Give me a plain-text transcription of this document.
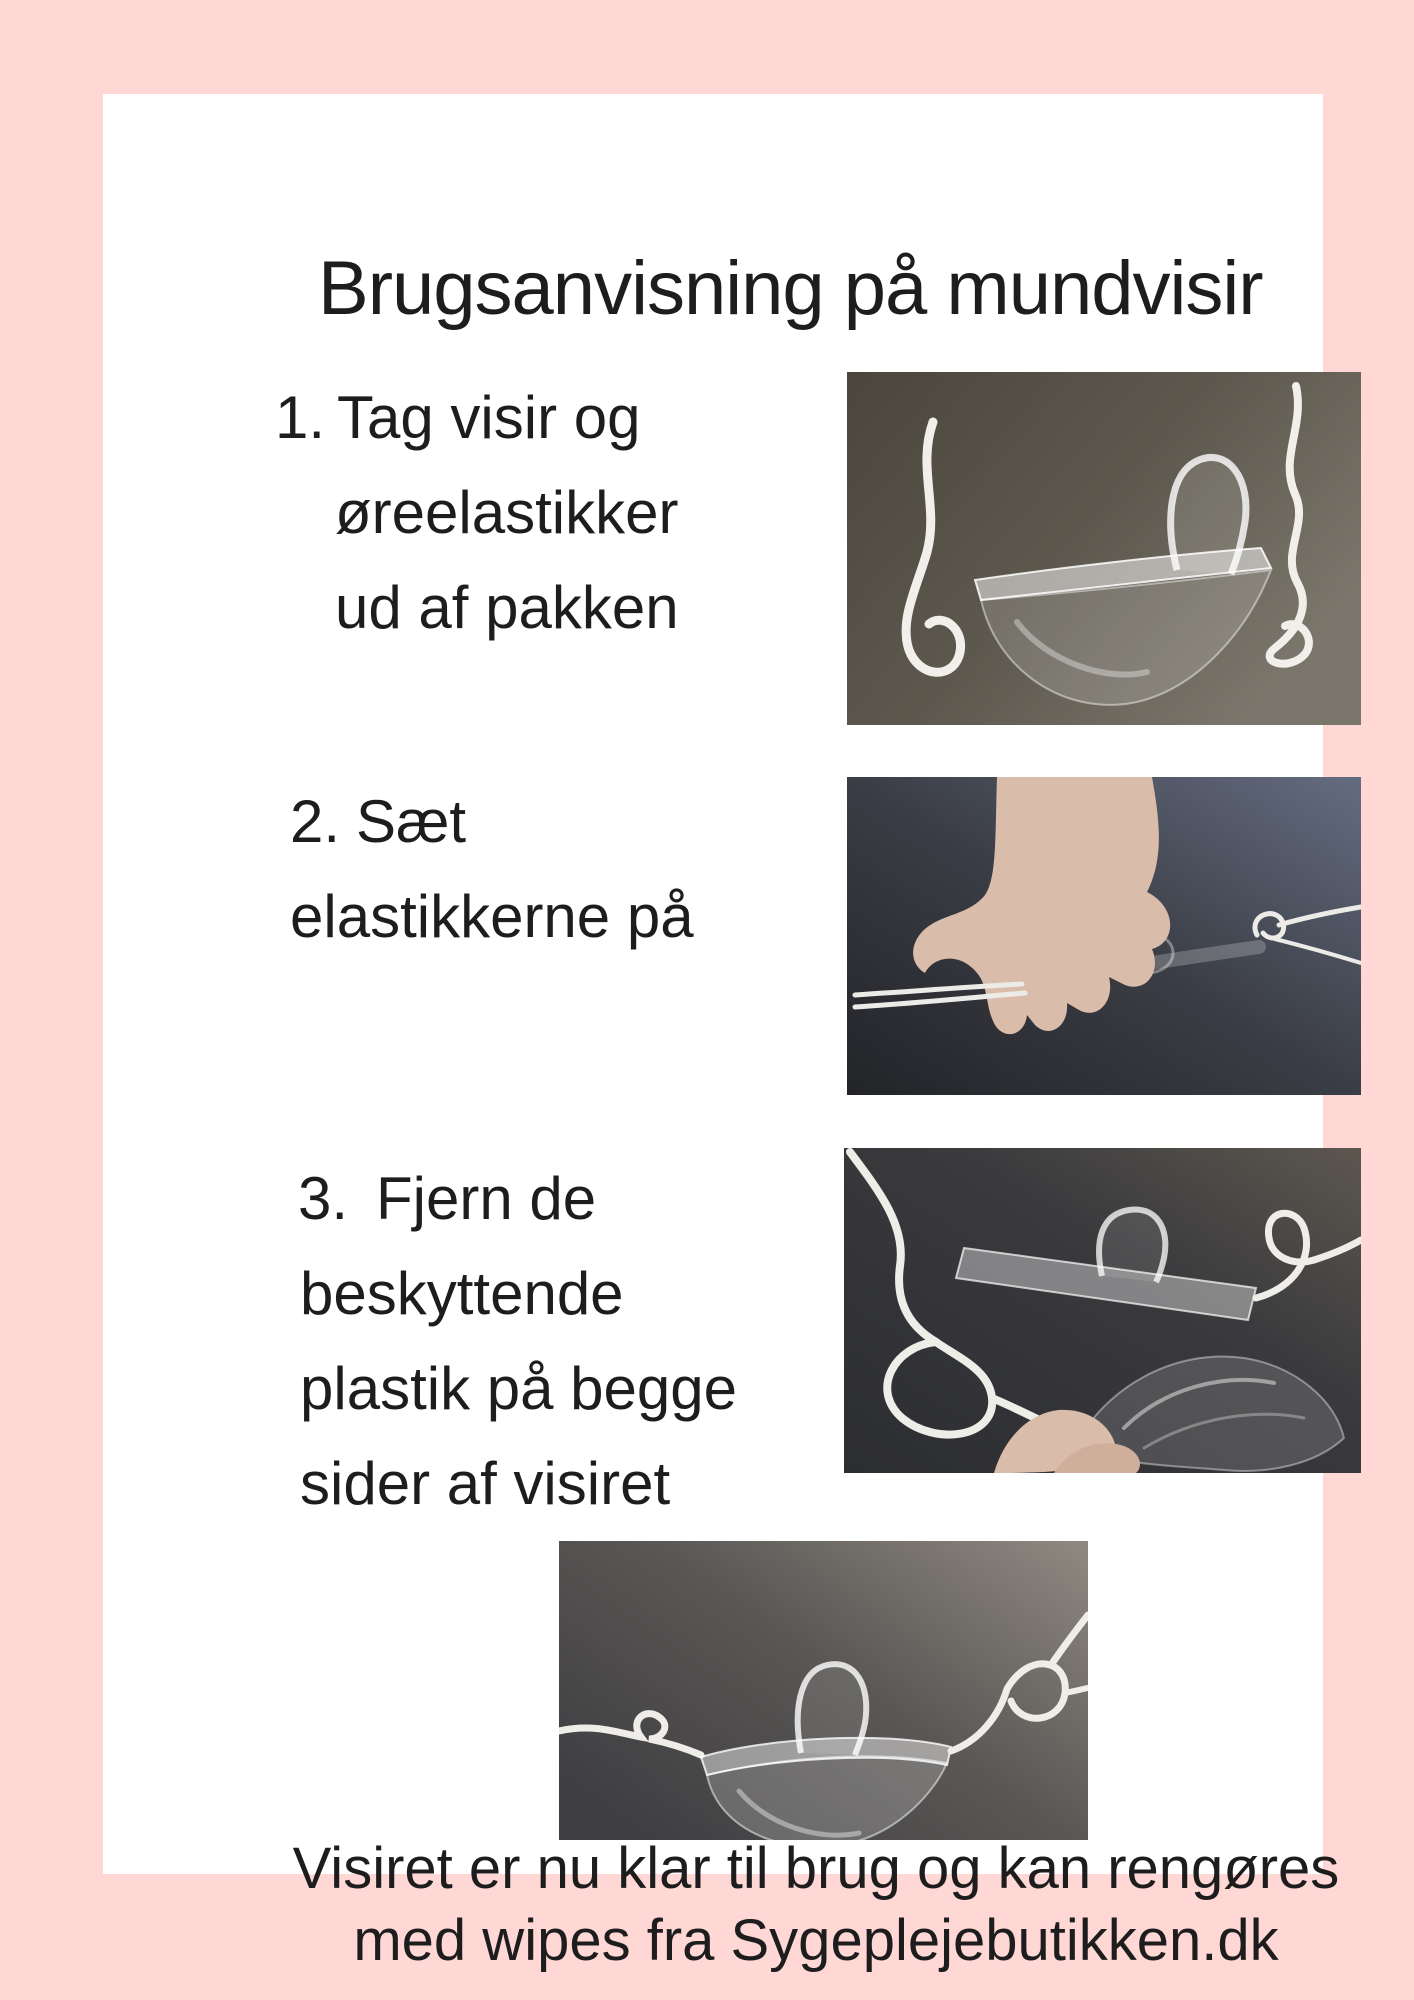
Brugsanvisning på mundvisir
1. Tag visir og
øreelastikker
ud af pakken
2. Sæt
elastikkerne på
3. Fjern de
beskyttende
plastik på begge
sider af visiret
Visiret er nu klar til brug og kan rengøres
med wipes fra Sygeplejebutikken.dk
